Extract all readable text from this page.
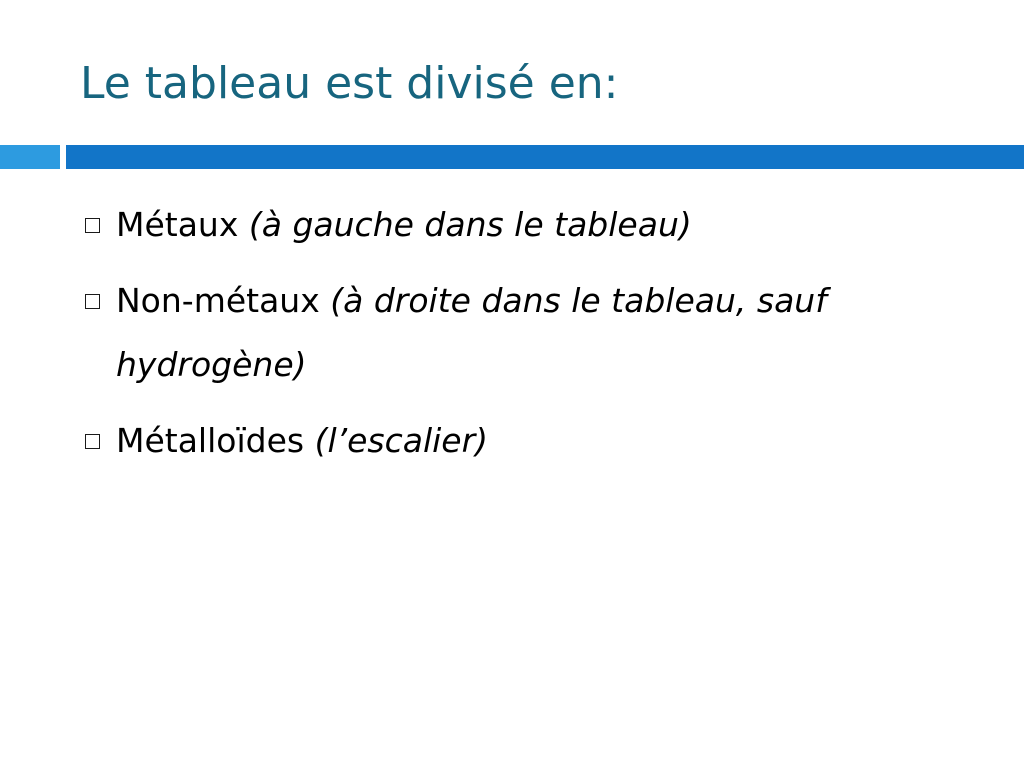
Le tableau est divisé en:
Métaux (à gauche dans le tableau)
Non-métaux (à droite dans le tableau, sauf hydrogène)
Métalloïdes (l’escalier)
